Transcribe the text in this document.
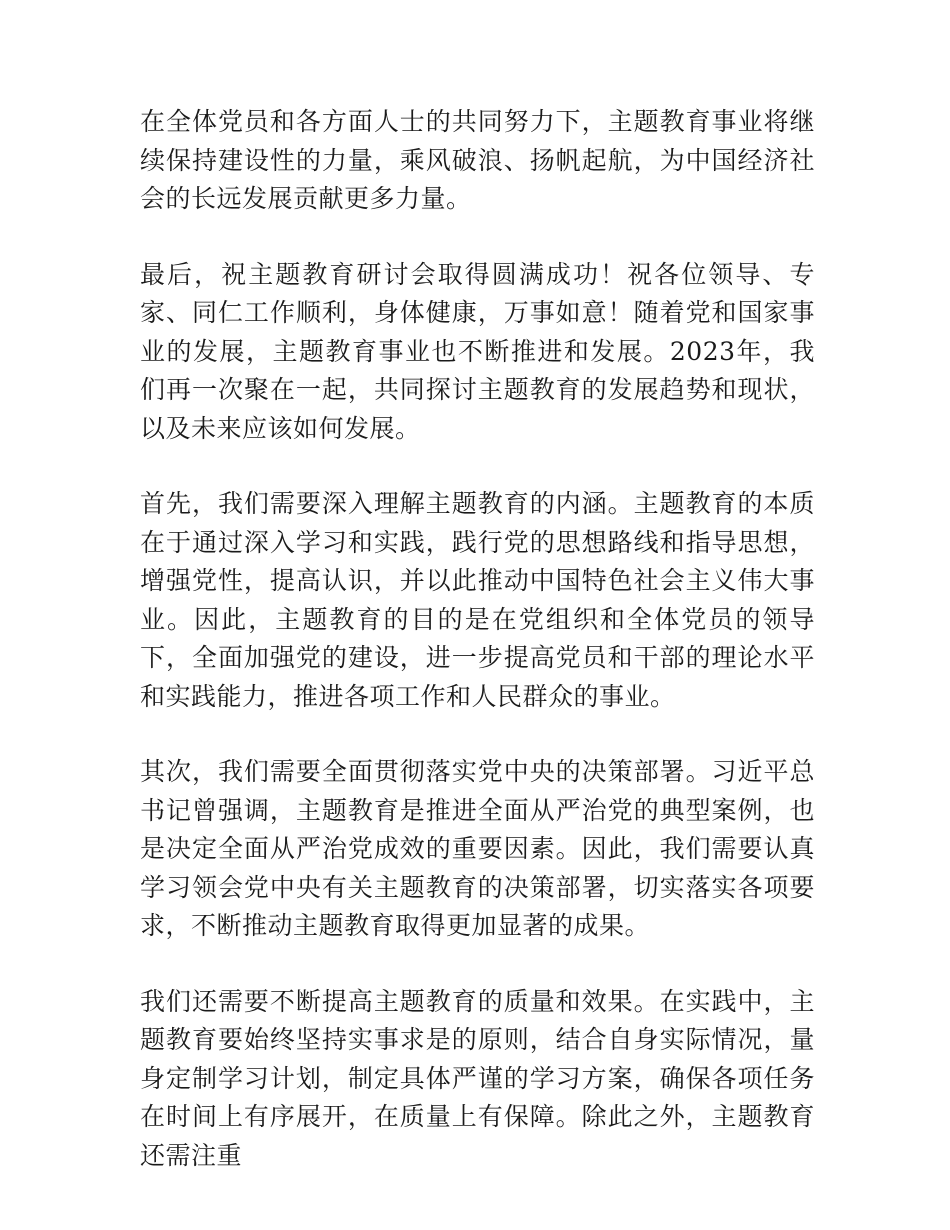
在全体党员和各方面人士的共同努力下，主题教育事业将继续保持建设性的力量，乘风破浪、扬帆起航，为中国经济社会的长远发展贡献更多力量。

最后，祝主题教育研讨会取得圆满成功！祝各位领导、专家、同仁工作顺利，身体健康，万事如意！随着党和国家事业的发展，主题教育事业也不断推进和发展。2023年，我们再一次聚在一起，共同探讨主题教育的发展趋势和现状，以及未来应该如何发展。

首先，我们需要深入理解主题教育的内涵。主题教育的本质在于通过深入学习和实践，践行党的思想路线和指导思想，增强党性，提高认识，并以此推动中国特色社会主义伟大事业。因此，主题教育的目的是在党组织和全体党员的领导下，全面加强党的建设，进一步提高党员和干部的理论水平和实践能力，推进各项工作和人民群众的事业。

其次，我们需要全面贯彻落实党中央的决策部署。习近平总书记曾强调，主题教育是推进全面从严治党的典型案例，也是决定全面从严治党成效的重要因素。因此，我们需要认真学习领会党中央有关主题教育的决策部署，切实落实各项要求，不断推动主题教育取得更加显著的成果。

我们还需要不断提高主题教育的质量和效果。在实践中，主题教育要始终坚持实事求是的原则，结合自身实际情况，量身定制学习计划，制定具体严谨的学习方案，确保各项任务在时间上有序展开，在质量上有保障。除此之外，主题教育还需注重
